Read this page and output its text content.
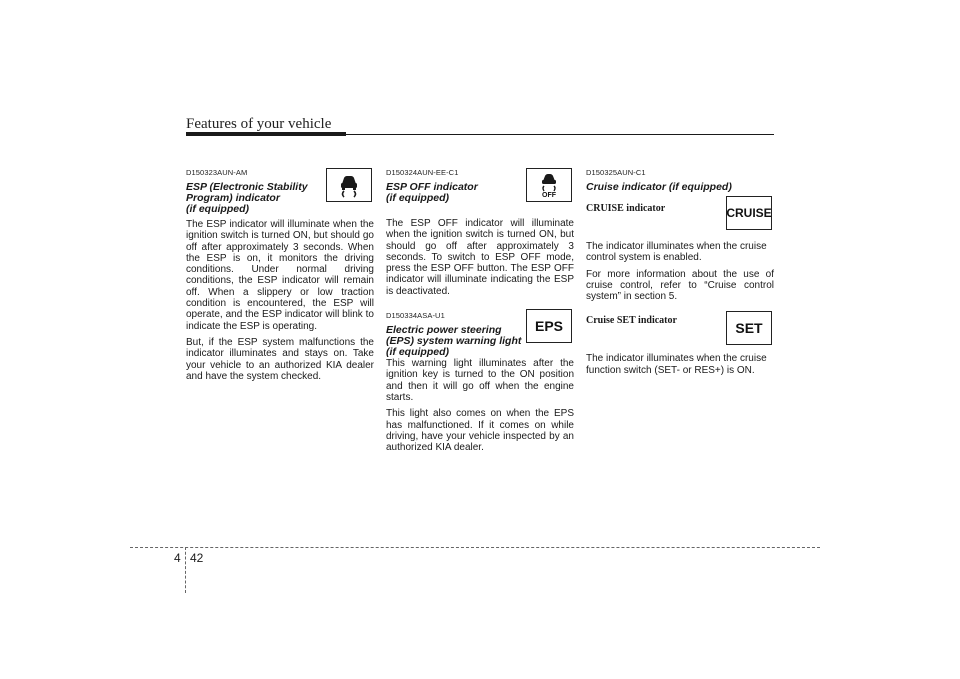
Features of your vehicle
D150323AUN-AM
ESP (Electronic Stability
Program) indicator
(if equipped)

The ESP indicator will illuminate when the ignition switch is turned ON, but should go off after approximately 3 seconds. When the ESP is on, it monitors the driving conditions. Under normal driving conditions, the ESP indicator will remain off. When a slippery or low traction condition is encountered, the ESP will operate, and the ESP indicator will blink to indicate the ESP is operating.

But, if the ESP system malfunctions the indicator illuminates and stays on. Take your vehicle to an authorized KIA dealer and have the system checked.

D150324AUN-EE-C1
ESP OFF indicator
(if equipped)

The ESP OFF indicator will illuminate when the ignition switch is turned ON, but should go off after approximately 3 seconds. To switch to ESP OFF mode, press the ESP OFF button. The ESP OFF indicator will illuminate indicating the ESP is deactivated.

D150334ASA-U1
Electric power steering
(EPS) system warning light
(if equipped)

This warning light illuminates after the ignition key is turned to the ON position and then it will go off when the engine starts.

This light also comes on when the EPS has malfunctioned. If it comes on while driving, have your vehicle inspected by an authorized KIA dealer.

OFF
EPS
D150325AUN-C1
Cruise indicator (if equipped)
CRUISE indicator

The indicator illuminates when the cruise control system is enabled.

For more information about the use of cruise control, refer to “Cruise control system” in section 5.

Cruise SET indicator

The indicator illuminates when the cruise function switch (SET- or RES+) is ON.

CRUISE
SET
4 42
